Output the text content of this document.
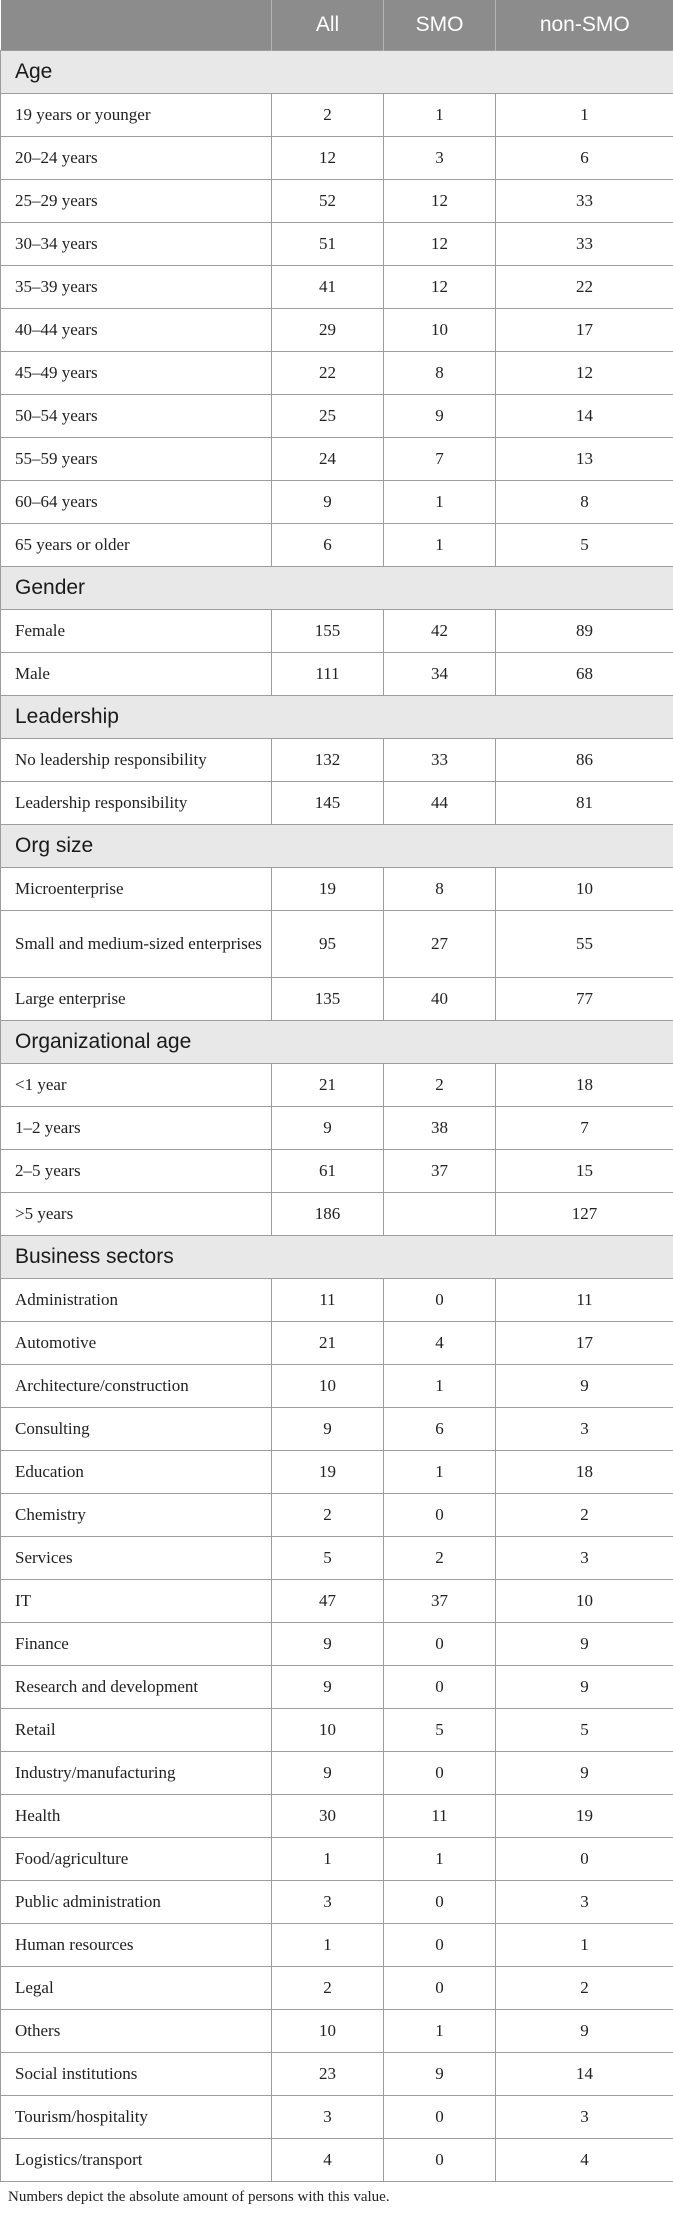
	All	SMO	non-SMO
Age			
19 years or younger	2	1	1
20–24 years	12	3	6
25–29 years	52	12	33
30–34 years	51	12	33
35–39 years	41	12	22
40–44 years	29	10	17
45–49 years	22	8	12
50–54 years	25	9	14
55–59 years	24	7	13
60–64 years	9	1	8
65 years or older	6	1	5
Gender			
Female	155	42	89
Male	111	34	68
Leadership			
No leadership responsibility	132	33	86
Leadership responsibility	145	44	81
Org size			
Microenterprise	19	8	10
Small and medium-sized enterprises	95	27	55
Large enterprise	135	40	77
Organizational age			
<1 year	21	2	18
1–2 years	9	38	7
2–5 years	61	37	15
>5 years	186		127
Business sectors			
Administration	11	0	11
Automotive	21	4	17
Architecture/construction	10	1	9
Consulting	9	6	3
Education	19	1	18
Chemistry	2	0	2
Services	5	2	3
IT	47	37	10
Finance	9	0	9
Research and development	9	0	9
Retail	10	5	5
Industry/manufacturing	9	0	9
Health	30	11	19
Food/agriculture	1	1	0
Public administration	3	0	3
Human resources	1	0	1
Legal	2	0	2
Others	10	1	9
Social institutions	23	9	14
Tourism/hospitality	3	0	3
Logistics/transport	4	0	4
Numbers depict the absolute amount of persons with this value.
